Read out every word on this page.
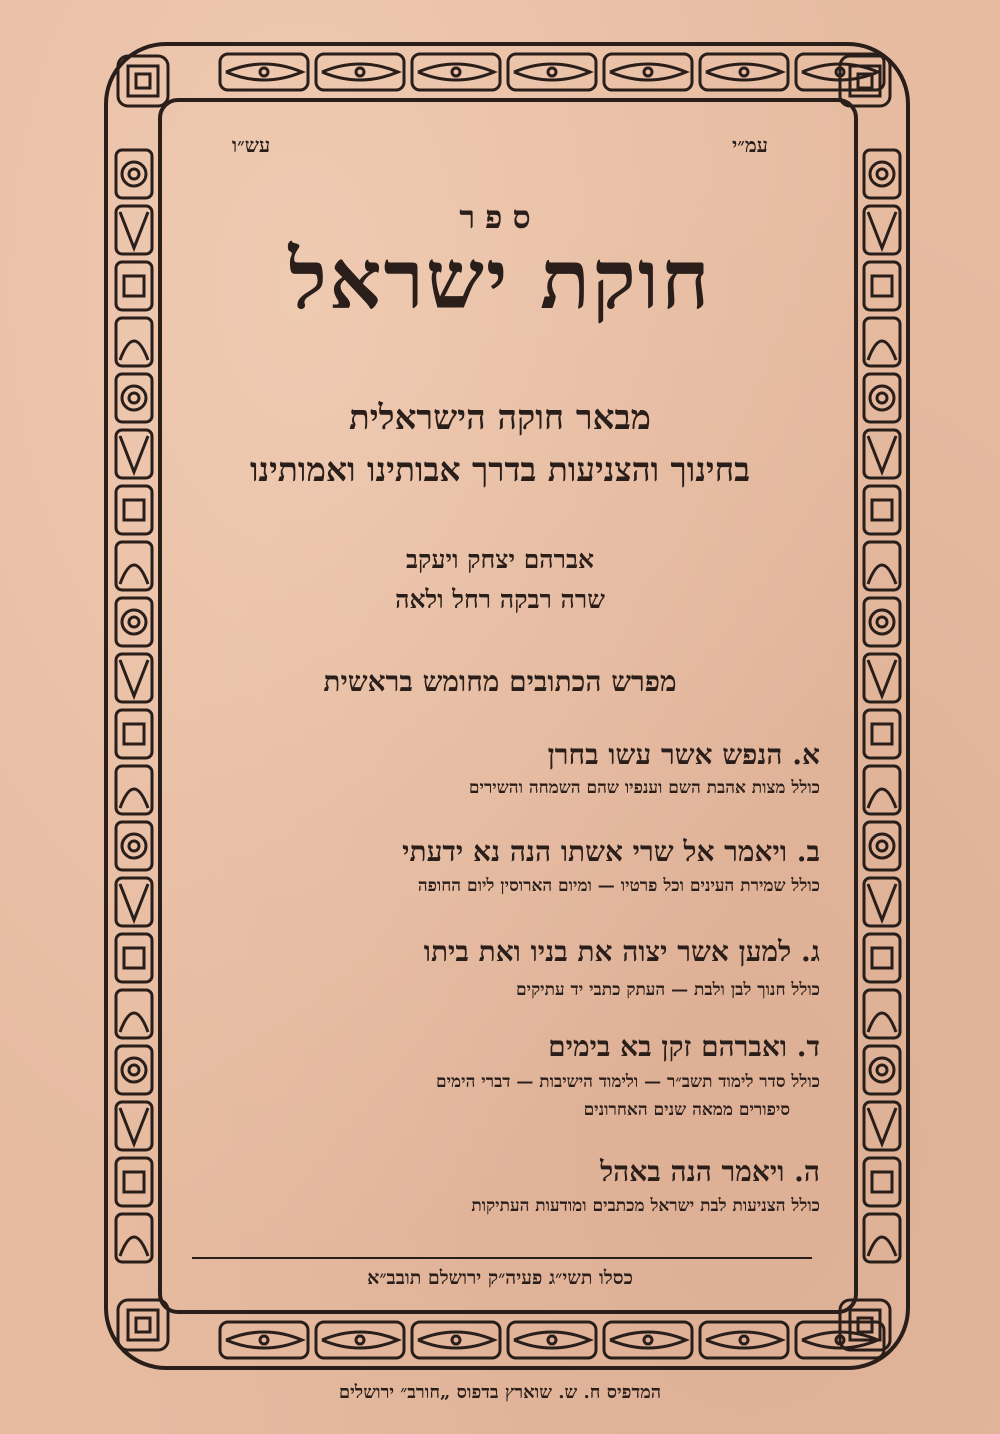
עמ״י
עש״ו
ספר
חוקת ישראל
מבאר חוקה הישראלית
בחינוך והצניעות בדרך אבותינו ואמותינו
אברהם יצחק ויעקב
שרה רבקה רחל ולאה
מפרש הכתובים מחומש בראשית
א. הנפש אשר עשו בחרן
כולל מצות אהבת השם וענפיו שהם השמחה והשירים
ב. ויאמר אל שרי אשתו הנה נא ידעתי
כולל שמירת העינים וכל פרטיו — ומיום הארוסין ליום החופה
ג. למען אשר יצוה את בניו ואת ביתו
כולל חנוך לבן ולבת — העתק כתבי יד עתיקים
ד. ואברהם זקן בא בימים
כולל סדר לימוד תשב״ר — ולימוד הישיבות — דברי הימים
סיפורים ממאה שנים האחרונים
ה. ויאמר הנה באהל
כולל הצניעות לבת ישראל מכתבים ומודעות העתיקות
כסלו תשי״ג פעיה״ק ירושלם תובב״א
המדפיס ח. ש. שוארץ בדפוס „חורב״ ירושלים
